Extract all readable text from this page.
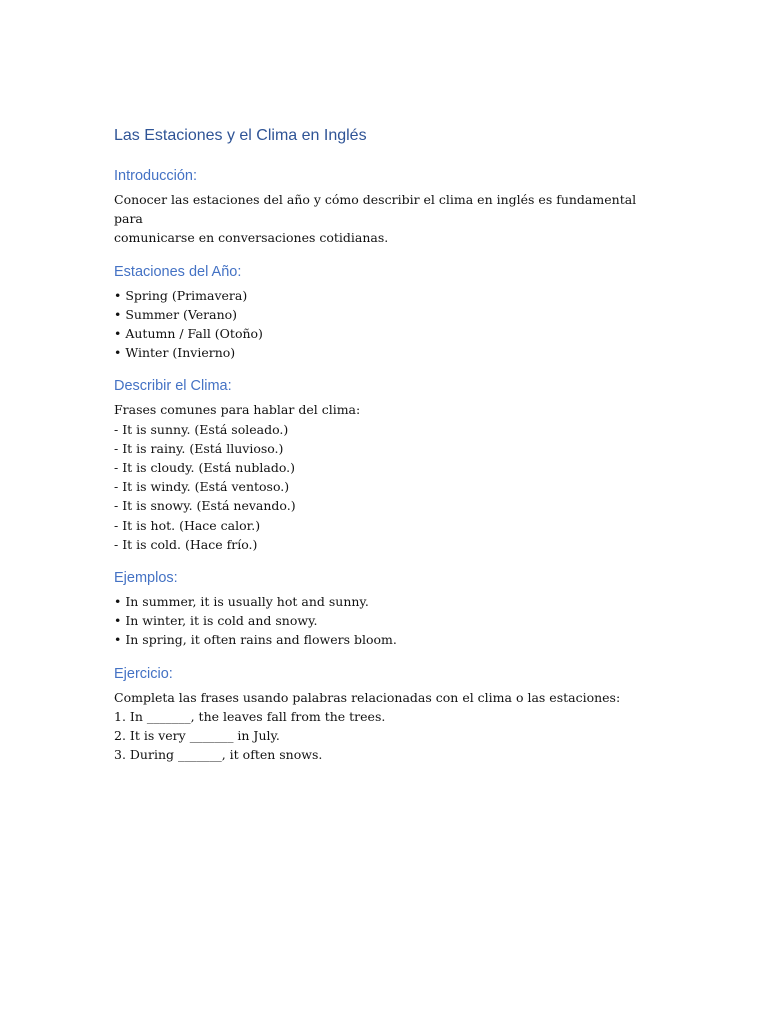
Las Estaciones y el Clima en Inglés
Introducción:

Conocer las estaciones del año y cómo describir el clima en inglés es fundamental para

comunicarse en conversaciones cotidianas.

Estaciones del Año:

• Spring (Primavera)

• Summer (Verano)

• Autumn / Fall (Otoño)

• Winter (Invierno)

Describir el Clima:

Frases comunes para hablar del clima:

- It is sunny. (Está soleado.)

- It is rainy. (Está lluvioso.)

- It is cloudy. (Está nublado.)

- It is windy. (Está ventoso.)

- It is snowy. (Está nevando.)

- It is hot. (Hace calor.)

- It is cold. (Hace frío.)

Ejemplos:

• In summer, it is usually hot and sunny.

• In winter, it is cold and snowy.

• In spring, it often rains and flowers bloom.

Ejercicio:

Completa las frases usando palabras relacionadas con el clima o las estaciones:

1. In _______, the leaves fall from the trees.

2. It is very _______ in July.

3. During _______, it often snows.
